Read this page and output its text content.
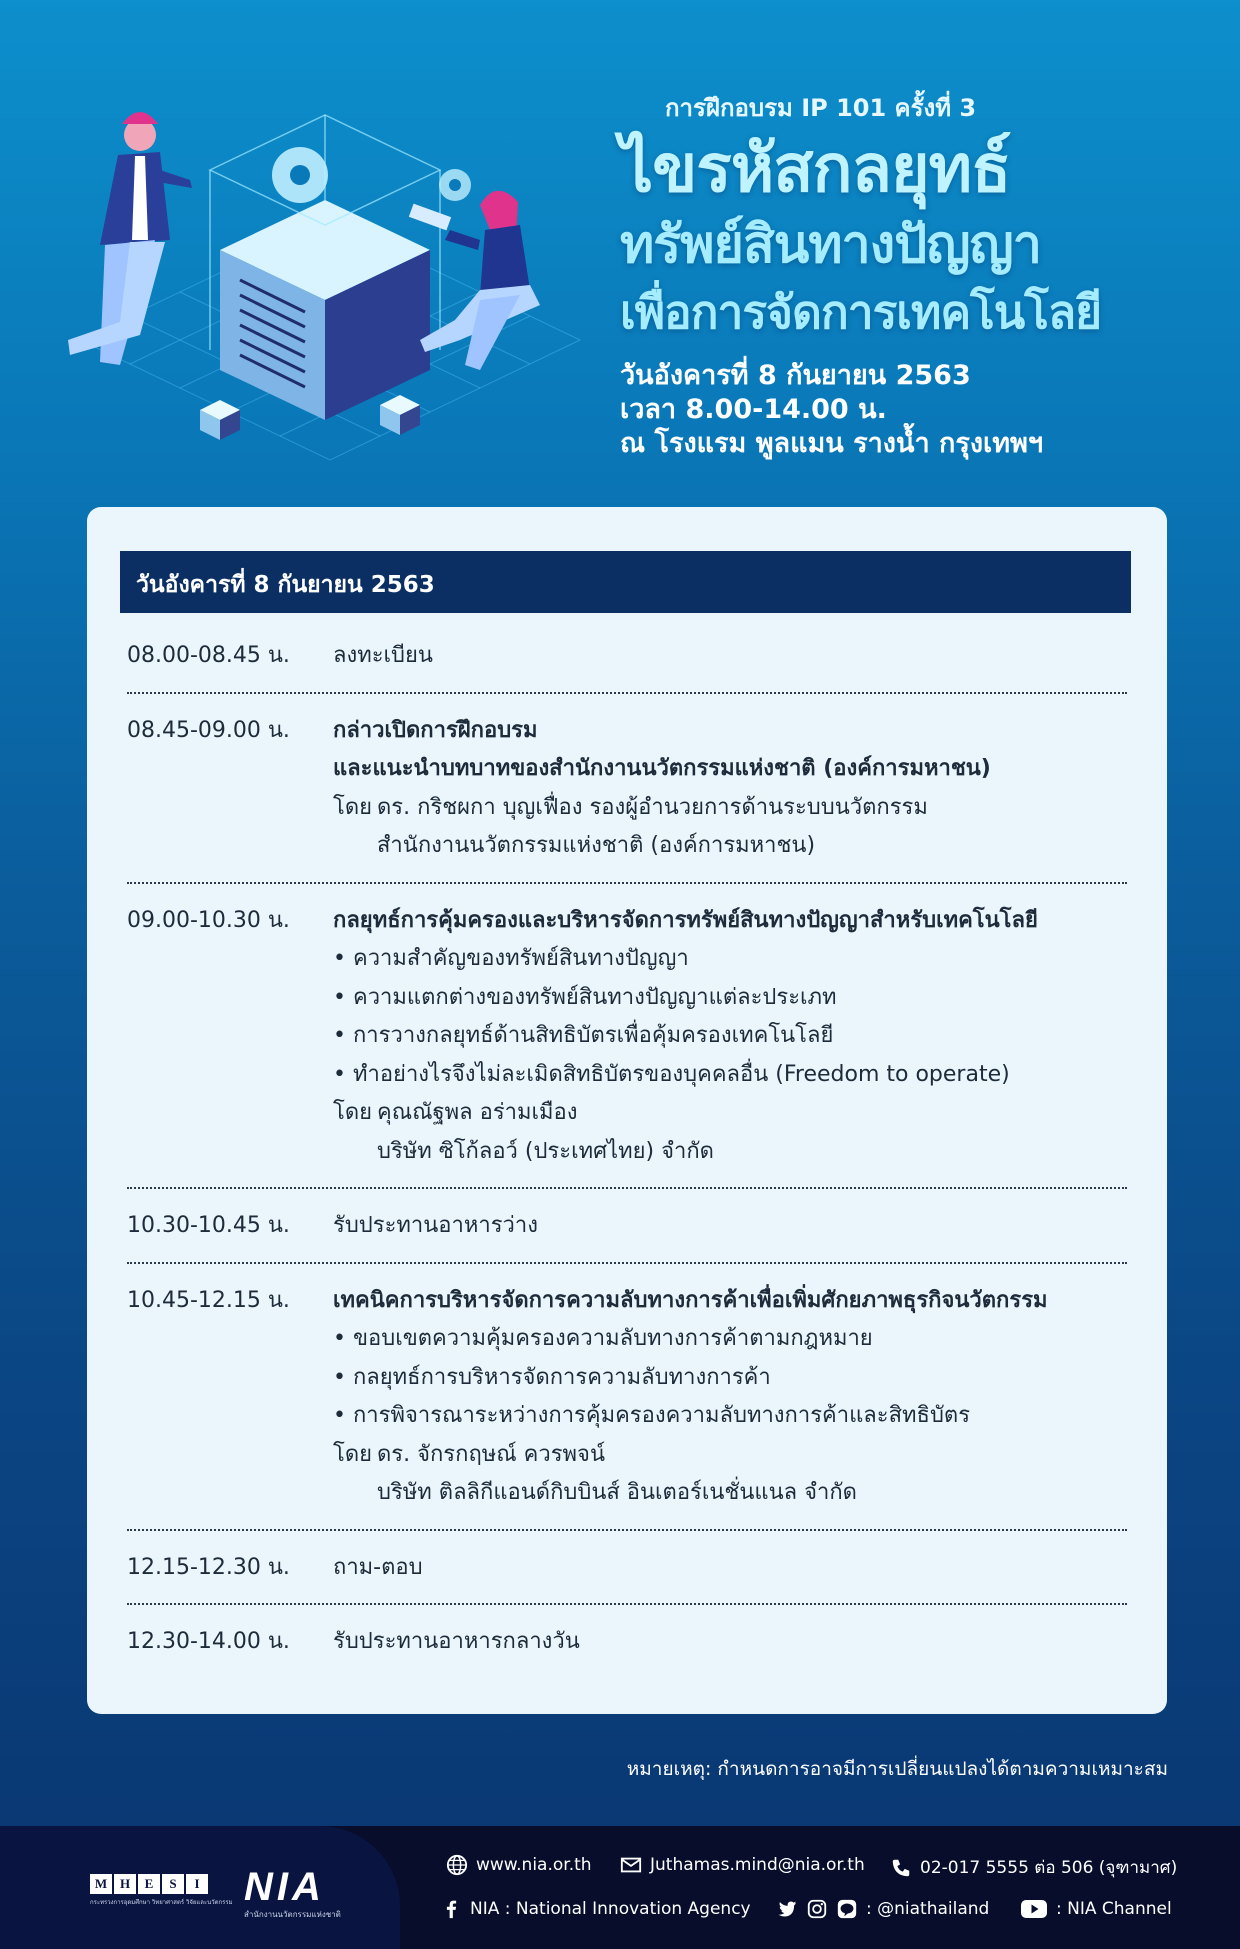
การฝึกอบรม IP 101 ครั้งที่ 3
ไขรหัสกลยุทธ์
ทรัพย์สินทางปัญญา
เพื่อการจัดการเทคโนโลยี
วันอังคารที่ 8 กันยายน 2563
เวลา 8.00-14.00 น.
ณ โรงแรม พูลแมน รางน้ำ กรุงเทพฯ
วันอังคารที่ 8 กันยายน 2563
08.00-08.45 น.	ลงทะเบียน
08.45-09.00 น.	กล่าวเปิดการฝึกอบรม
และแนะนำบทบาทของสำนักงานนวัตกรรมแห่งชาติ (องค์การมหาชน)
โดย ดร. กริชผกา บุญเฟื่อง รองผู้อำนวยการด้านระบบนวัตกรรม
สำนักงานนวัตกรรมแห่งชาติ (องค์การมหาชน)
09.00-10.30 น.	กลยุทธ์การคุ้มครองและบริหารจัดการทรัพย์สินทางปัญญาสำหรับเทคโนโลยี
• ความสำคัญของทรัพย์สินทางปัญญา
• ความแตกต่างของทรัพย์สินทางปัญญาแต่ละประเภท
• การวางกลยุทธ์ด้านสิทธิบัตรเพื่อคุ้มครองเทคโนโลยี
• ทำอย่างไรจึงไม่ละเมิดสิทธิบัตรของบุคคลอื่น (Freedom to operate)
โดย คุณณัฐพล อร่ามเมือง
บริษัท ซิโก้ลอว์ (ประเทศไทย) จำกัด
10.30-10.45 น.	รับประทานอาหารว่าง
10.45-12.15 น.	เทคนิคการบริหารจัดการความลับทางการค้าเพื่อเพิ่มศักยภาพธุรกิจนวัตกรรม
• ขอบเขตความคุ้มครองความลับทางการค้าตามกฎหมาย
• กลยุทธ์การบริหารจัดการความลับทางการค้า
• การพิจารณาระหว่างการคุ้มครองความลับทางการค้าและสิทธิบัตร
โดย ดร. จักรกฤษณ์ ควรพจน์
บริษัท ติลลิกีแอนด์กิบบินส์ อินเตอร์เนชั่นแนล จำกัด
12.15-12.30 น.	ถาม-ตอบ
12.30-14.00 น.	รับประทานอาหารกลางวัน
หมายเหตุ: กำหนดการอาจมีการเปลี่ยนแปลงได้ตามความเหมาะสม
M H	E	S	I
กระทรวงการอุดมศึกษา วิทยาศาสตร์ วิจัยและนวัตกรรม NIA
สำนักงานนวัตกรรมแห่งชาติ
www.nia.or.th	Juthamas.mind@nia.or.th	02-017 5555 ต่อ 506 (จุฑามาศ)
NIA : National Innovation Agency	: @niathailand	: NIA Channel
